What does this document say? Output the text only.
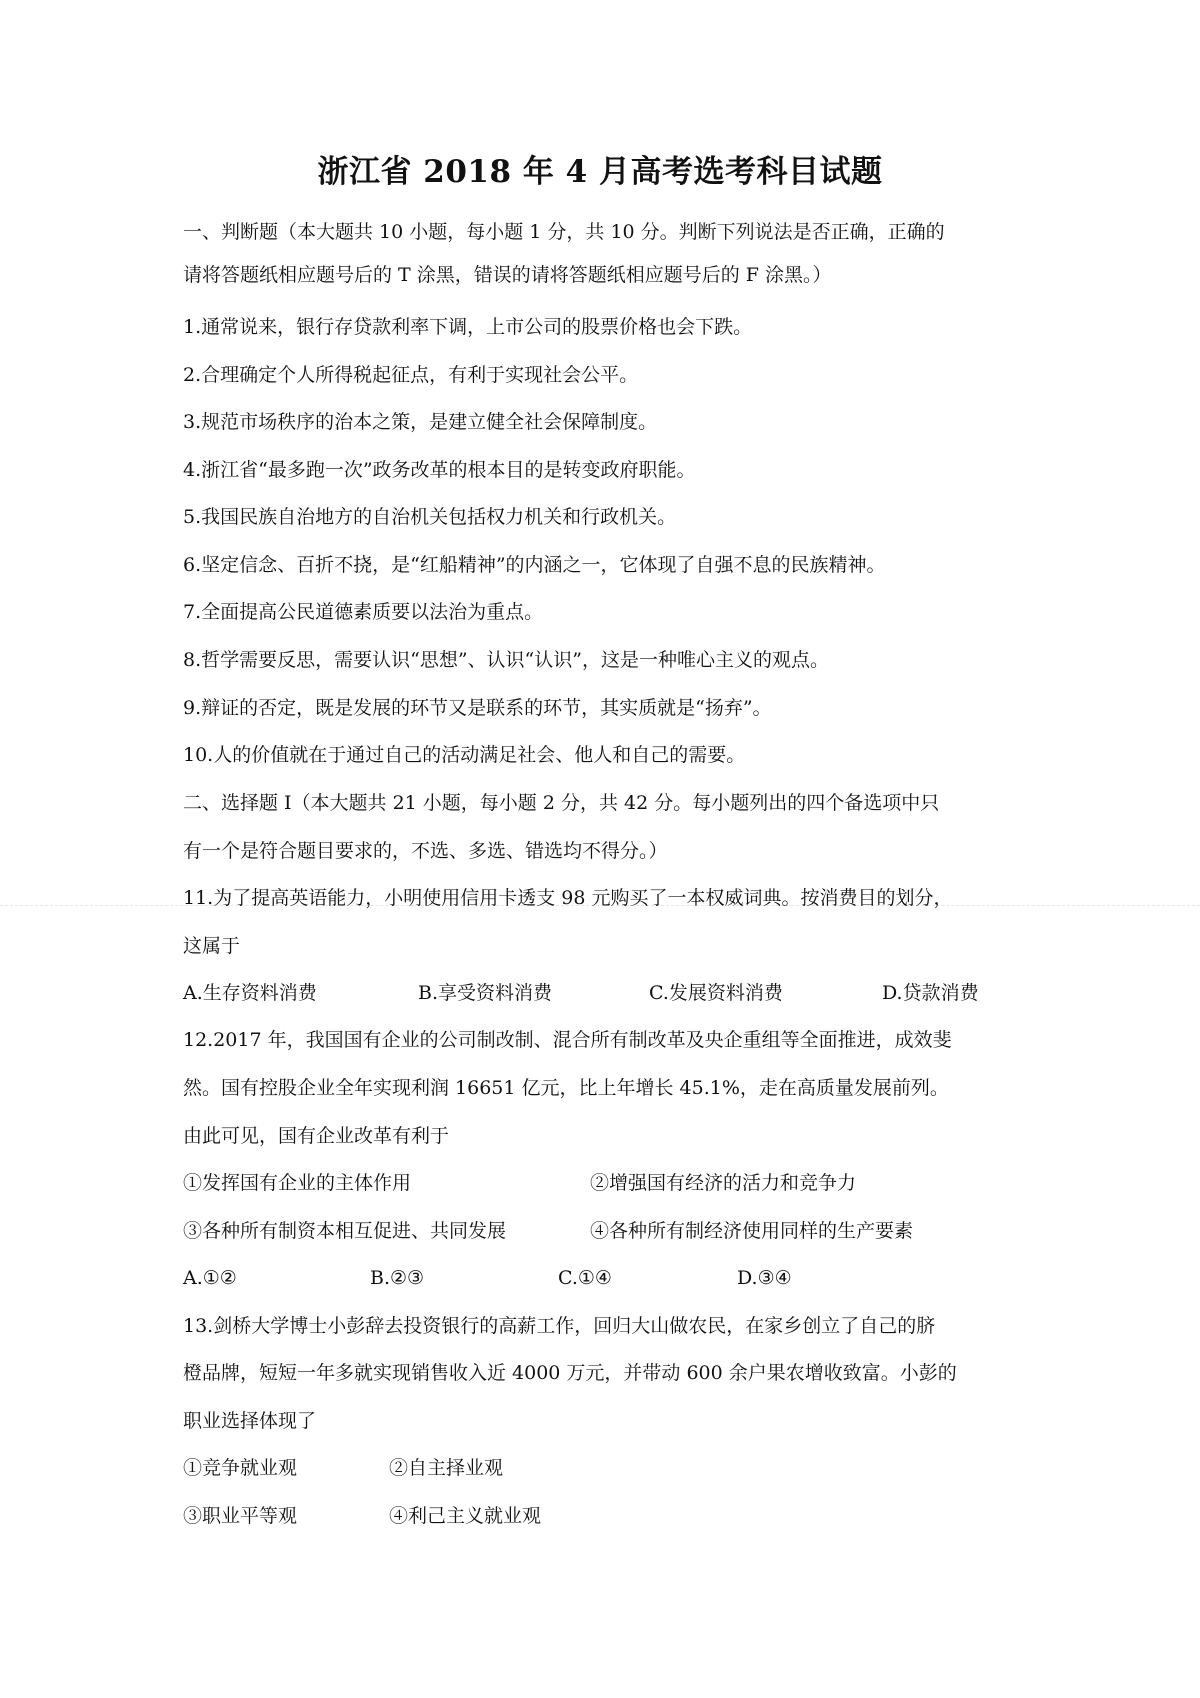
浙江省 2018 年 4 月高考选考科目试题

一、判断题（本大题共 10 小题，每小题 1 分，共 10 分。判断下列说法是否正确，正确的

请将答题纸相应题号后的 T 涂黑，错误的请将答题纸相应题号后的 F 涂黑。）

1.通常说来，银行存贷款利率下调，上市公司的股票价格也会下跌。

2.合理确定个人所得税起征点，有利于实现社会公平。

3.规范市场秩序的治本之策，是建立健全社会保障制度。

4.浙江省“最多跑一次”政务改革的根本目的是转变政府职能。

5.我国民族自治地方的自治机关包括权力机关和行政机关。

6.坚定信念、百折不挠，是“红船精神”的内涵之一，它体现了自强不息的民族精神。

7.全面提高公民道德素质要以法治为重点。

8.哲学需要反思，需要认识“思想”、认识“认识”，这是一种唯心主义的观点。

9.辩证的否定，既是发展的环节又是联系的环节，其实质就是“扬弃”。

10.人的价值就在于通过自己的活动满足社会、他人和自己的需要。

二、选择题 I（本大题共 21 小题，每小题 2 分，共 42 分。每小题列出的四个备选项中只

有一个是符合题目要求的，不选、多选、错选均不得分。）

11.为了提高英语能力，小明使用信用卡透支 98 元购买了一本权威词典。按消费目的划分，

这属于

A.生存资料消费	B.享受资料消费	C.发展资料消费	D.贷款消费

12.2017 年，我国国有企业的公司制改制、混合所有制改革及央企重组等全面推进，成效斐

然。国有控股企业全年实现利润 16651 亿元，比上年增长 45.1%，走在高质量发展前列。

由此可见，国有企业改革有利于

①发挥国有企业的主体作用	②增强国有经济的活力和竞争力
③各种所有制资本相互促进、共同发展	④各种所有制经济使用同样的生产要素
A.①②	B.②③	C.①④	D.③④

13.剑桥大学博士小彭辞去投资银行的高薪工作，回归大山做农民，在家乡创立了自己的脐

橙品牌，短短一年多就实现销售收入近 4000 万元，并带动 600 余户果农增收致富。小彭的

职业选择体现了

①竞争就业观	②自主择业观
③职业平等观	④利己主义就业观
